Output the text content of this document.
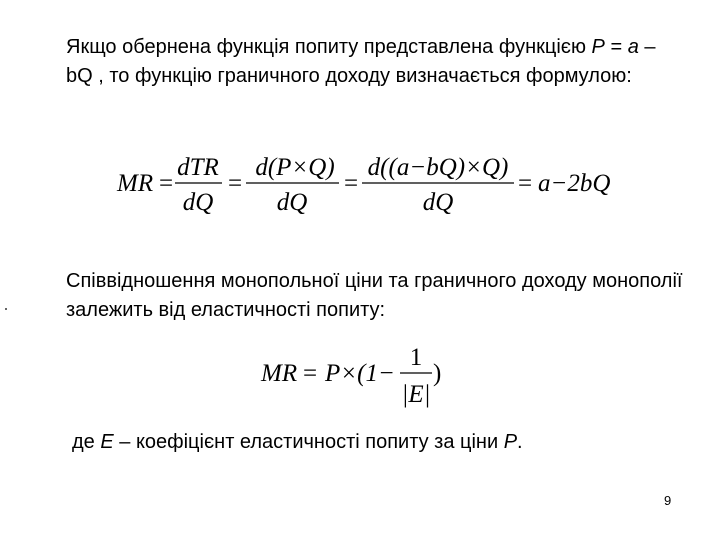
Якщо обернена функція попиту представлена функцією P = a – bQ , то функцію граничного доходу визначається формулою:
MR =
dTR
dQ
=
d(P×Q)
dQ
=
d((a−bQ)×Q)
dQ
= a−2bQ
Співвідношення монопольної ціни та граничного доходу монополії залежить від еластичності попиту:
MR = P×(1−
1
|E|
)
де Е – коефіцієнт еластичності попиту за ціни Р.
9
